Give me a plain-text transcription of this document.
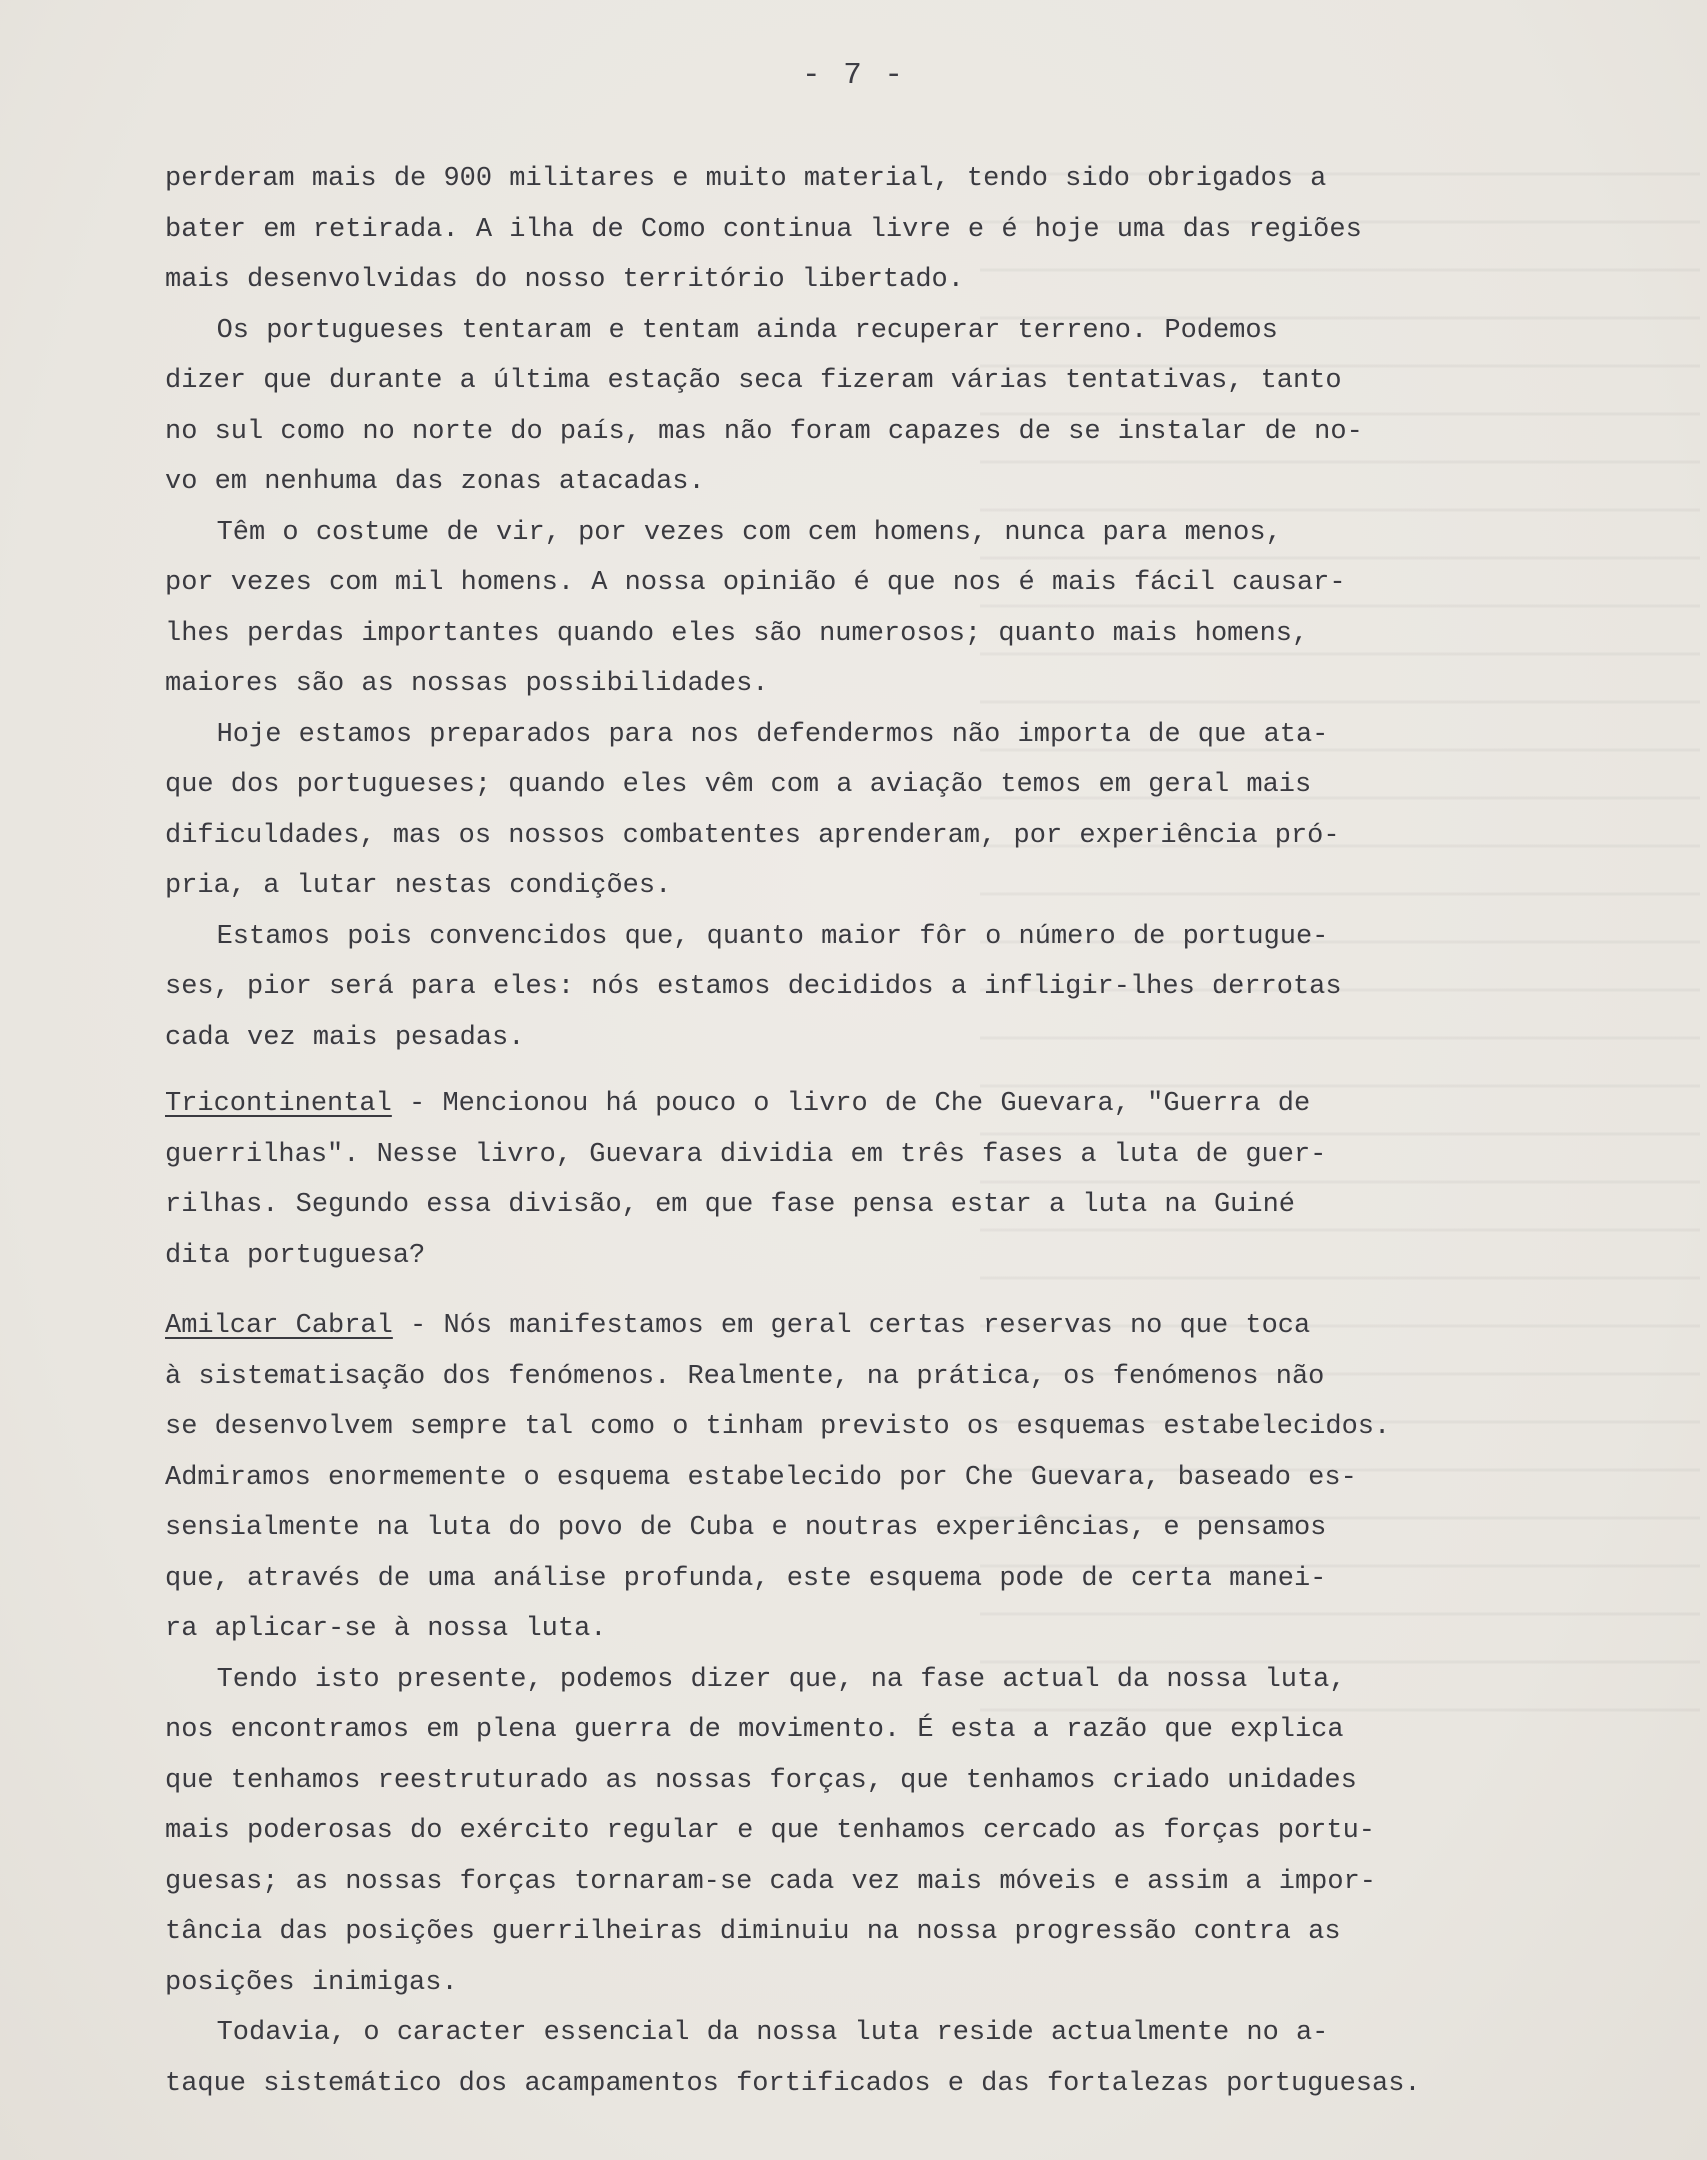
- 7 -
perderam mais de 900 militares e muito material, tendo sido obrigados a
bater em retirada. A ilha de Como continua livre e é hoje uma das regiões
mais desenvolvidas do nosso território libertado.
Os portugueses tentaram e tentam ainda recuperar terreno. Podemos
dizer que durante a última estação seca fizeram várias tentativas, tanto
no sul como no norte do país, mas não foram capazes de se instalar de no-
vo em nenhuma das zonas atacadas.
Têm o costume de vir, por vezes com cem homens, nunca para menos,
por vezes com mil homens. A nossa opinião é que nos é mais fácil causar-
lhes perdas importantes quando eles são numerosos; quanto mais homens,
maiores são as nossas possibilidades.
Hoje estamos preparados para nos defendermos não importa de que ata-
que dos portugueses; quando eles vêm com a aviação temos em geral mais
dificuldades, mas os nossos combatentes aprenderam, por experiência pró-
pria, a lutar nestas condições.
Estamos pois convencidos que, quanto maior fôr o número de portugue-
ses, pior será para eles: nós estamos decididos a infligir-lhes derrotas
cada vez mais pesadas.
Tricontinental - Mencionou há pouco o livro de Che Guevara, "Guerra de
guerrilhas". Nesse livro, Guevara dividia em três fases a luta de guer-
rilhas. Segundo essa divisão, em que fase pensa estar a luta na Guiné
dita portuguesa?
Amilcar Cabral - Nós manifestamos em geral certas reservas no que toca
à sistematisação dos fenómenos. Realmente, na prática, os fenómenos não
se desenvolvem sempre tal como o tinham previsto os esquemas estabelecidos.
Admiramos enormemente o esquema estabelecido por Che Guevara, baseado es-
sensialmente na luta do povo de Cuba e noutras experiências, e pensamos
que, através de uma análise profunda, este esquema pode de certa manei-
ra aplicar-se à nossa luta.
Tendo isto presente, podemos dizer que, na fase actual da nossa luta,
nos encontramos em plena guerra de movimento. É esta a razão que explica
que tenhamos reestruturado as nossas forças, que tenhamos criado unidades
mais poderosas do exército regular e que tenhamos cercado as forças portu-
guesas; as nossas forças tornaram-se cada vez mais móveis e assim a impor-
tância das posições guerrilheiras diminuiu na nossa progressão contra as
posições inimigas.
Todavia, o caracter essencial da nossa luta reside actualmente no a-
taque sistemático dos acampamentos fortificados e das fortalezas portuguesas.
